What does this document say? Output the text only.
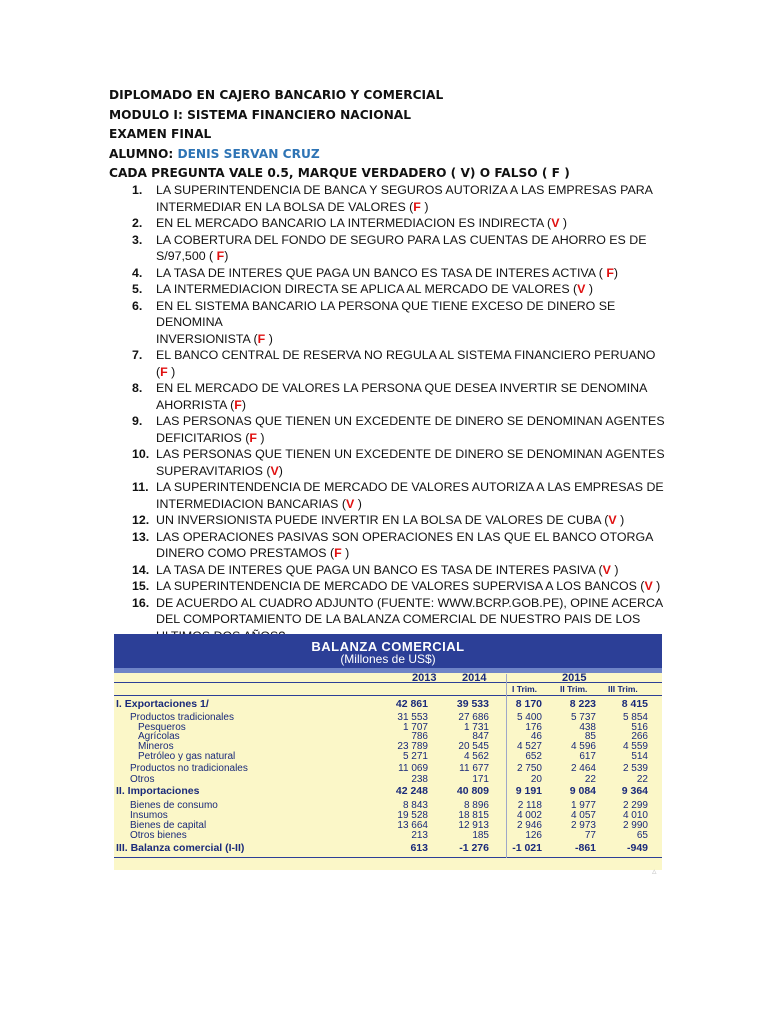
DIPLOMADO EN CAJERO BANCARIO Y COMERCIAL
MODULO I: SISTEMA FINANCIERO NACIONAL
EXAMEN FINAL
ALUMNO: DENIS SERVAN CRUZ
CADA PREGUNTA VALE 0.5, MARQUE VERDADERO ( V) O FALSO ( F )
1. LA SUPERINTENDENCIA DE BANCA Y SEGUROS AUTORIZA A LAS EMPRESAS PARA
INTERMEDIAR EN LA BOLSA DE VALORES (F )
2. EN EL MERCADO BANCARIO LA INTERMEDIACION ES INDIRECTA (V )
3. LA COBERTURA DEL FONDO DE SEGURO PARA LAS CUENTAS DE AHORRO ES DE
S/97,500 ( F)
4. LA TASA DE INTERES QUE PAGA UN BANCO ES TASA DE INTERES ACTIVA ( F)
5. LA INTERMEDIACION DIRECTA SE APLICA AL MERCADO DE VALORES (V )
6. EN EL SISTEMA BANCARIO LA PERSONA QUE TIENE EXCESO DE DINERO SE DENOMINA
INVERSIONISTA (F )
7. EL BANCO CENTRAL DE RESERVA NO REGULA AL SISTEMA FINANCIERO PERUANO (F )
8. EN EL MERCADO DE VALORES LA PERSONA QUE DESEA INVERTIR SE DENOMINA
AHORRISTA (F)
9. LAS PERSONAS QUE TIENEN UN EXCEDENTE DE DINERO SE DENOMINAN AGENTES
DEFICITARIOS (F )
10. LAS PERSONAS QUE TIENEN UN EXCEDENTE DE DINERO SE DENOMINAN AGENTES
SUPERAVITARIOS (V)
11. LA SUPERINTENDENCIA DE MERCADO DE VALORES AUTORIZA A LAS EMPRESAS DE
INTERMEDIACION BANCARIAS (V )
12. UN INVERSIONISTA PUEDE INVERTIR EN LA BOLSA DE VALORES DE CUBA (V )
13. LAS OPERACIONES PASIVAS SON OPERACIONES EN LAS QUE EL BANCO OTORGA
DINERO COMO PRESTAMOS (F )
14. LA TASA DE INTERES QUE PAGA UN BANCO ES TASA DE INTERES PASIVA (V )
15. LA SUPERINTENDENCIA DE MERCADO DE VALORES SUPERVISA A LOS BANCOS (V )
16. DE ACUERDO AL CUADRO ADJUNTO (FUENTE: WWW.BCRP.GOB.PE), OPINE ACERCA
DEL COMPORTAMIENTO DE LA BALANZA COMERCIAL DE NUESTRO PAIS DE LOS

BALANZA COMERCIAL
(Millones de US$)
2013 2014	2015
I Trim.	II Trim. III Trim.
I. Exportaciones 1/	42 861	39 533	8 170	8 223	8 415
Productos tradicionales	31 553	27 686	5 400	5 737	5 854
Pesqueros	1 707	1 731	176	438	516
Agrícolas	786	847	46	85	266
Mineros	23 789	20 545	4 527	4 596	4 559
Petróleo y gas natural	5 271	4 562	652	617	514
Productos no tradicionales	11 069	11 677	2 750	2 464	2 539
Otros	238	171	20	22	22
II. Importaciones	42 248	40 809	9 191	9 084	9 364
Bienes de consumo	8 843	8 896	2 118	1 977	2 299
Insumos	19 528	18 815	4 002	4 057	4 010
Bienes de capital	13 664	12 913	2 946	2 973	2 990
Otros bienes	213	185	126	77	65
III. Balanza comercial (I-II)	613	-1 276	-1 021	-861	-949
▵
